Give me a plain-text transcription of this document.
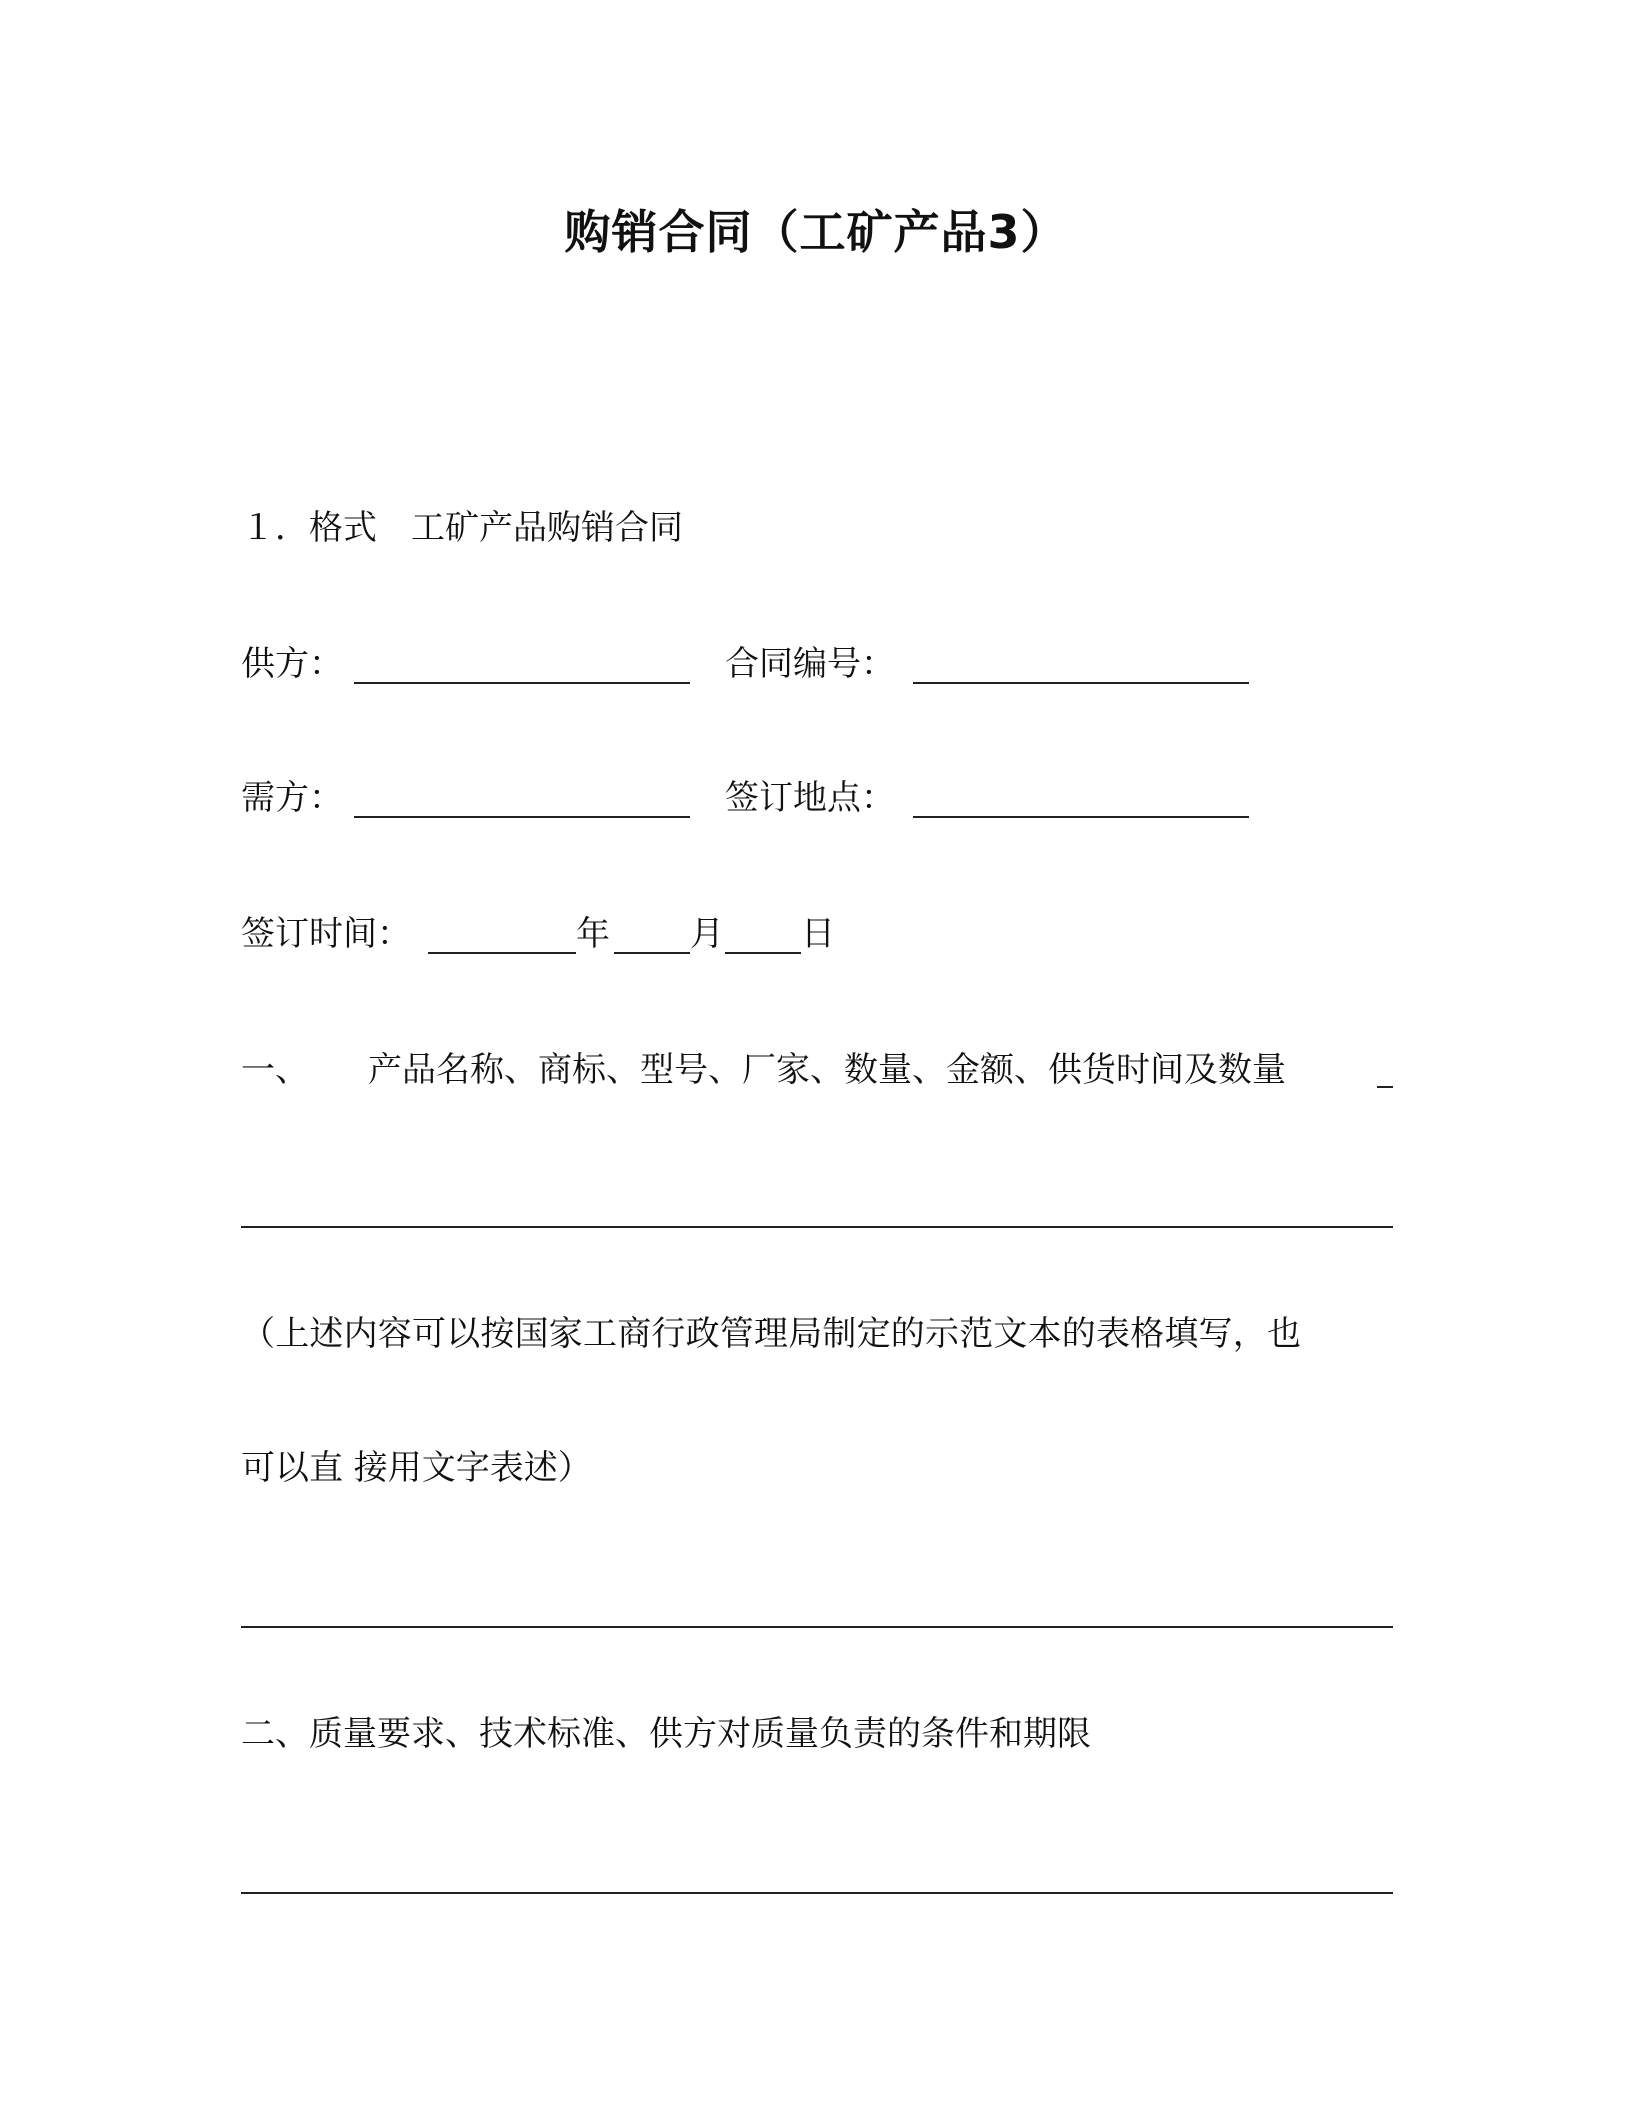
购销合同（工矿产品3）
１．格式　工矿产品购销合同
供方：	合同编号：
需方：	签订地点：
签订时间：	年 月 日
一、 产品名称、商标、型号、厂家、数量、金额、供货时间及数量
（上述内容可以按国家工商行政管理局制定的示范文本的表格填写，也
可以直 接用文字表述）
二、质量要求、技术标准、供方对质量负责的条件和期限
